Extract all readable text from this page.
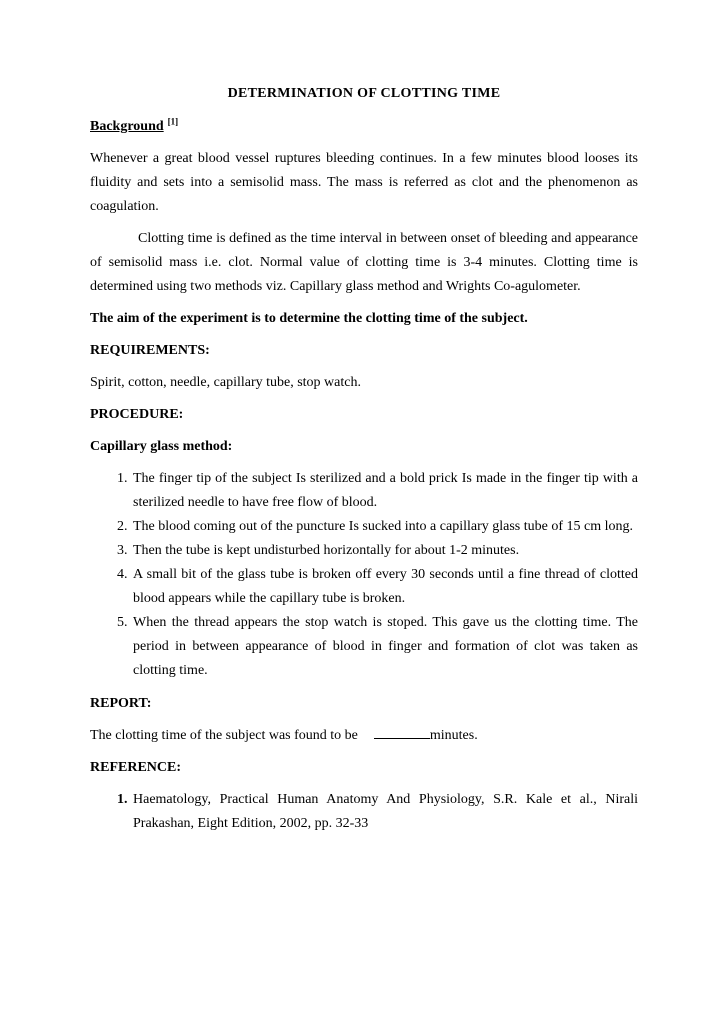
DETERMINATION OF CLOTTING TIME
Background [1]

Whenever a great blood vessel ruptures bleeding continues. In a few minutes blood looses its fluidity and sets into a semisolid mass. The mass is referred as clot and the phenomenon as coagulation.

Clotting time is defined as the time interval in between onset of bleeding and appearance of semisolid mass i.e. clot. Normal value of clotting time is 3-4 minutes. Clotting time is determined using two methods viz. Capillary glass method and Wrights Co-agulometer.

The aim of the experiment is to determine the clotting time of the subject.

REQUIREMENTS:

Spirit, cotton, needle, capillary tube, stop watch.

PROCEDURE:
Capillary glass method:
1. The finger tip of the subject Is sterilized and a bold prick Is made in the finger tip with a sterilized needle to have free flow of blood.
2. The blood coming out of the puncture Is sucked into a capillary glass tube of 15 cm long.
3. Then the tube is kept undisturbed horizontally for about 1-2 minutes.
4. A small bit of the glass tube is broken off every 30 seconds until a fine thread of clotted blood appears while the capillary tube is broken.
5. When the thread appears the stop watch is stoped. This gave us the clotting time. The period in between appearance of blood in finger and formation of clot was taken as clotting time.
REPORT:

The clotting time of the subject was found to be	minutes.

REFERENCE:
1. Haematology, Practical Human Anatomy And Physiology, S.R. Kale et al., Nirali Prakashan, Eight Edition, 2002, pp. 32-33
